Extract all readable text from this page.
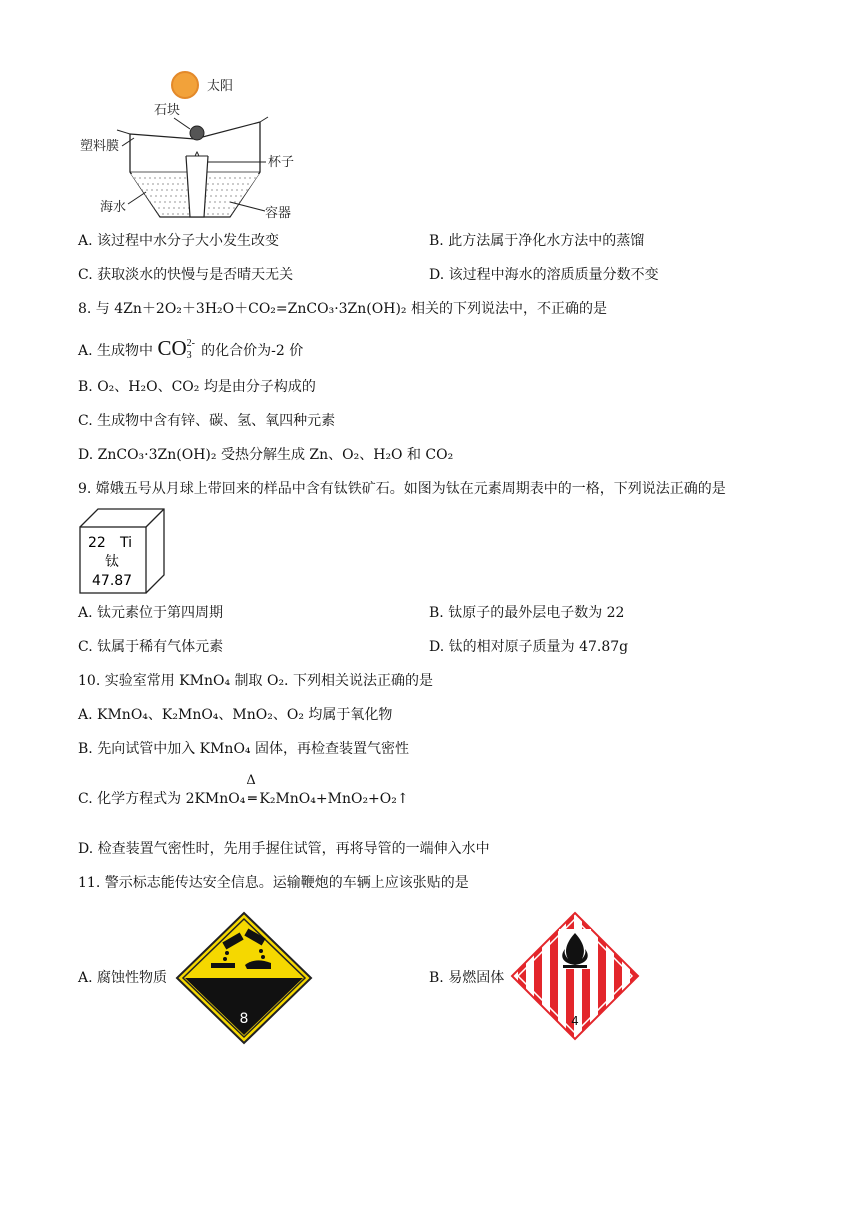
太阳
石块
塑料膜
杯子
海水	容器
A. 该过程中水分子大小发生改变	B. 此方法属于净化水方法中的蒸馏
C. 获取淡水的快慢与是否晴天无关	D. 该过程中海水的溶质质量分数不变
8. 与 4Zn＋2O₂＋3H₂O＋CO₂=ZnCO₃·3Zn(OH)₂ 相关的下列说法中，不正确的是
A. 生成物中 CO 2-
3 的化合价为-2 价
B. O₂、H₂O、CO₂ 均是由分子构成的
C. 生成物中含有锌、碳、氢、氧四种元素
D. ZnCO₃·3Zn(OH)₂ 受热分解生成 Zn、O₂、H₂O 和 CO₂
9. 嫦娥五号从月球上带回来的样品中含有钛铁矿石。如图为钛在元素周期表中的一格，下列说法正确的是
22 Ti
钛
47.87
A. 钛元素位于第四周期	B. 钛原子的最外层电子数为 22
C. 钛属于稀有气体元素	D. 钛的相对原子质量为 47.87g
10. 实验室常用 KMnO₄ 制取 O₂. 下列相关说法正确的是
A. KMnO₄、K₂MnO₄、MnO₂、O₂ 均属于氧化物
B. 先向试管中加入 KMnO₄ 固体，再检查装置气密性
C. 化学方程式为 2KMnO₄
Δ
═ K₂MnO₄+MnO₂+O₂↑
D. 检查装置气密性时，先用手握住试管，再将导管的一端伸入水中
11. 警示标志能传达安全信息。运输鞭炮的车辆上应该张贴的是
A. 腐蚀性物质	B. 易燃固体
8	4
